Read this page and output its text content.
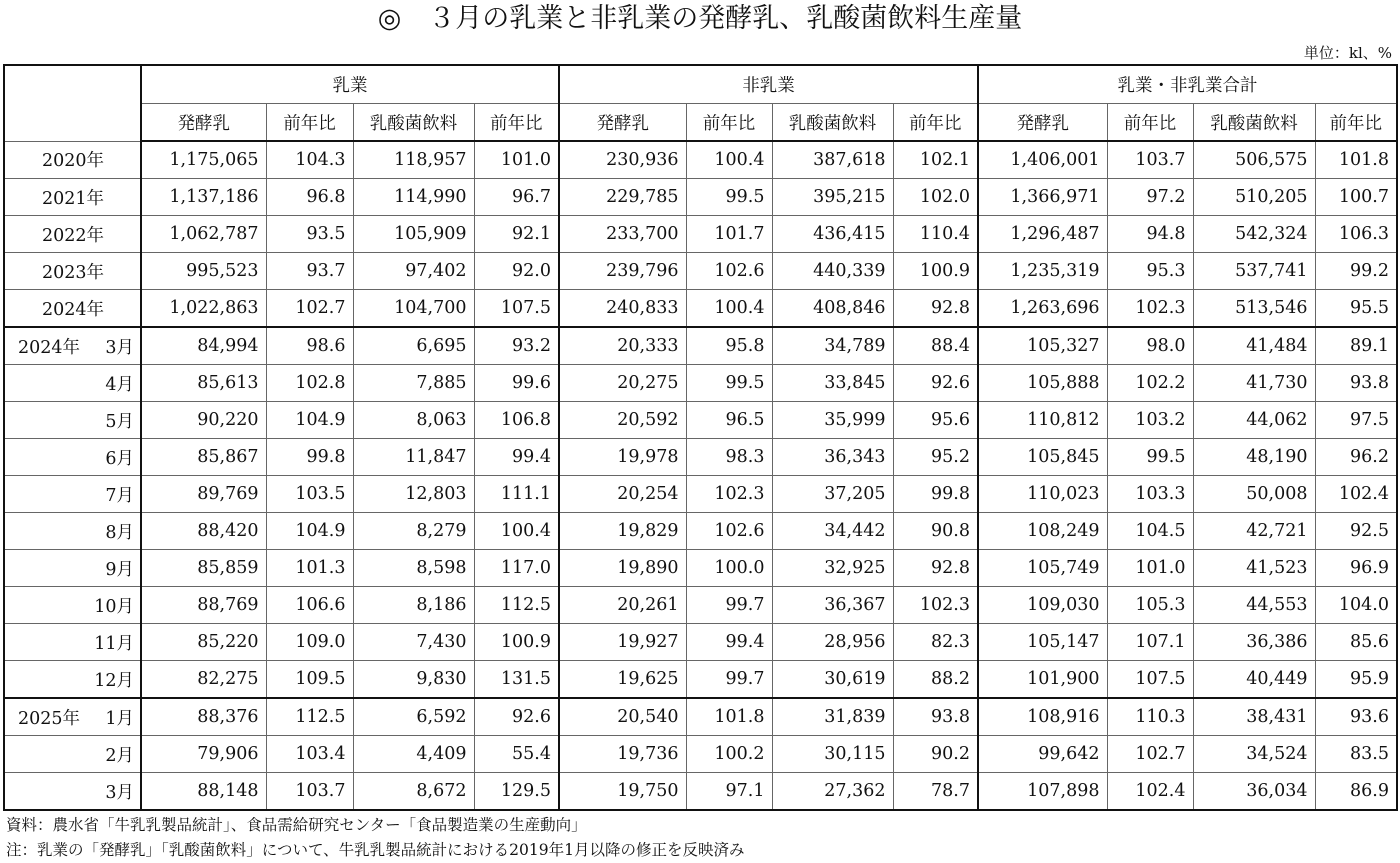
◎　３月の乳業と非乳業の発酵乳、乳酸菌飲料生産量
単位：kl、%
	乳業				非乳業				乳業・非乳業合計			
	発酵乳	前年比	乳酸菌飲料	前年比	発酵乳	前年比	乳酸菌飲料	前年比	発酵乳	前年比	乳酸菌飲料	前年比
2020年	1,175,065	104.3	118,957	101.0	230,936	100.4	387,618	102.1	1,406,001	103.7	506,575	101.8
2021年	1,137,186	96.8	114,990	96.7	229,785	99.5	395,215	102.0	1,366,971	97.2	510,205	100.7
2022年	1,062,787	93.5	105,909	92.1	233,700	101.7	436,415	110.4	1,296,487	94.8	542,324	106.3
2023年	995,523	93.7	97,402	92.0	239,796	102.6	440,339	100.9	1,235,319	95.3	537,741	99.2
2024年	1,022,863	102.7	104,700	107.5	240,833	100.4	408,846	92.8	1,263,696	102.3	513,546	95.5

2024年 3月	84,994	98.6	6,695	93.2	20,333	95.8	34,789	88.4	105,327	98.0	41,484	89.1
4月	85,613	102.8	7,885	99.6	20,275	99.5	33,845	92.6	105,888	102.2	41,730	93.8
5月	90,220	104.9	8,063	106.8	20,592	96.5	35,999	95.6	110,812	103.2	44,062	97.5
6月	85,867	99.8	11,847	99.4	19,978	98.3	36,343	95.2	105,845	99.5	48,190	96.2
7月	89,769	103.5	12,803	111.1	20,254	102.3	37,205	99.8	110,023	103.3	50,008	102.4
8月	88,420	104.9	8,279	100.4	19,829	102.6	34,442	90.8	108,249	104.5	42,721	92.5
9月	85,859	101.3	8,598	117.0	19,890	100.0	32,925	92.8	105,749	101.0	41,523	96.9
10月	88,769	106.6	8,186	112.5	20,261	99.7	36,367	102.3	109,030	105.3	44,553	104.0
11月	85,220	109.0	7,430	100.9	19,927	99.4	28,956	82.3	105,147	107.1	36,386	85.6
12月	82,275	109.5	9,830	131.5	19,625	99.7	30,619	88.2	101,900	107.5	40,449	95.9

2025年 1月	88,376	112.5	6,592	92.6	20,540	101.8	31,839	93.8	108,916	110.3	38,431	93.6
2月	79,906	103.4	4,409	55.4	19,736	100.2	30,115	90.2	99,642	102.7	34,524	83.5
3月	88,148	103.7	8,672	129.5	19,750	97.1	27,362	78.7	107,898	102.4	36,034	86.9
資料：農水省「牛乳乳製品統計」、食品需給研究センター「食品製造業の生産動向」
注：乳業の「発酵乳」「乳酸菌飲料」について、牛乳乳製品統計における2019年1月以降の修正を反映済み
